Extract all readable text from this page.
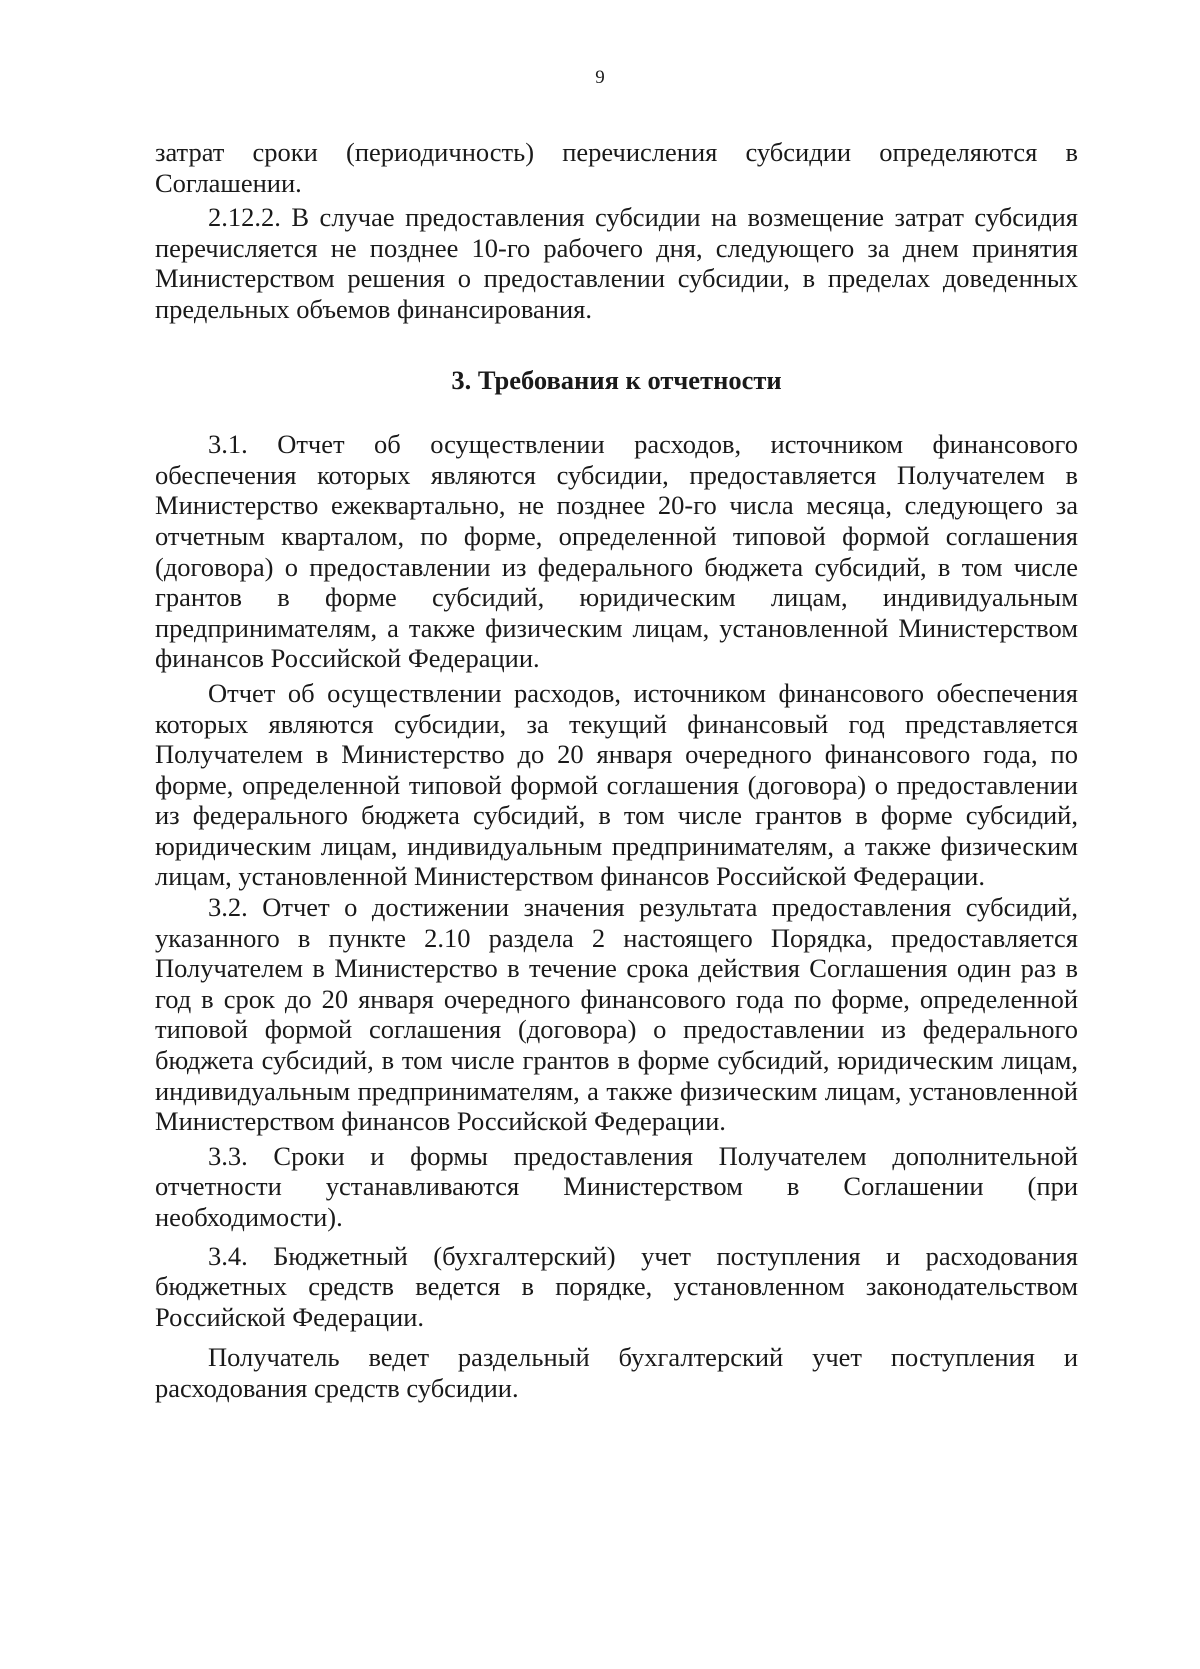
9

затрат сроки (периодичность) перечисления субсидии определяются в Соглашении.

2.12.2. В случае предоставления субсидии на возмещение затрат субсидия перечисляется не позднее 10-го рабочего дня, следующего за днем принятия Министерством решения о предоставлении субсидии, в пределах доведенных предельных объемов финансирования.

3. Требования к отчетности

3.1. Отчет об осуществлении расходов, источником финансового обеспечения которых являются субсидии, предоставляется Получателем в Министерство ежеквартально, не позднее 20-го числа месяца, следующего за отчетным кварталом, по форме, определенной типовой формой соглашения (договора) о предоставлении из федерального бюджета субсидий, в том числе грантов в форме субсидий, юридическим лицам, индивидуальным предпринимателям, а также физическим лицам, установленной Министерством финансов Российской Федерации.

Отчет об осуществлении расходов, источником финансового обеспечения которых являются субсидии, за текущий финансовый год представляется Получателем в Министерство до 20 января очередного финансового года, по форме, определенной типовой формой соглашения (договора) о предоставлении из федерального бюджета субсидий, в том числе грантов в форме субсидий, юридическим лицам, индивидуальным предпринимателям, а также физическим лицам, установленной Министерством финансов Российской Федерации.

3.2. Отчет о достижении значения результата предоставления субсидий, указанного в пункте 2.10 раздела 2 настоящего Порядка, предоставляется Получателем в Министерство в течение срока действия Соглашения один раз в год в срок до 20 января очередного финансового года по форме, определенной типовой формой соглашения (договора) о предоставлении из федерального бюджета субсидий, в том числе грантов в форме субсидий, юридическим лицам, индивидуальным предпринимателям, а также физическим лицам, установленной Министерством финансов Российской Федерации.

3.3. Сроки и формы предоставления Получателем дополнительной отчетности устанавливаются Министерством в Соглашении (при необходимости).

3.4. Бюджетный (бухгалтерский) учет поступления и расходования бюджетных средств ведется в порядке, установленном законодательством Российской Федерации.

Получатель ведет раздельный бухгалтерский учет поступления и расходования средств субсидии.
